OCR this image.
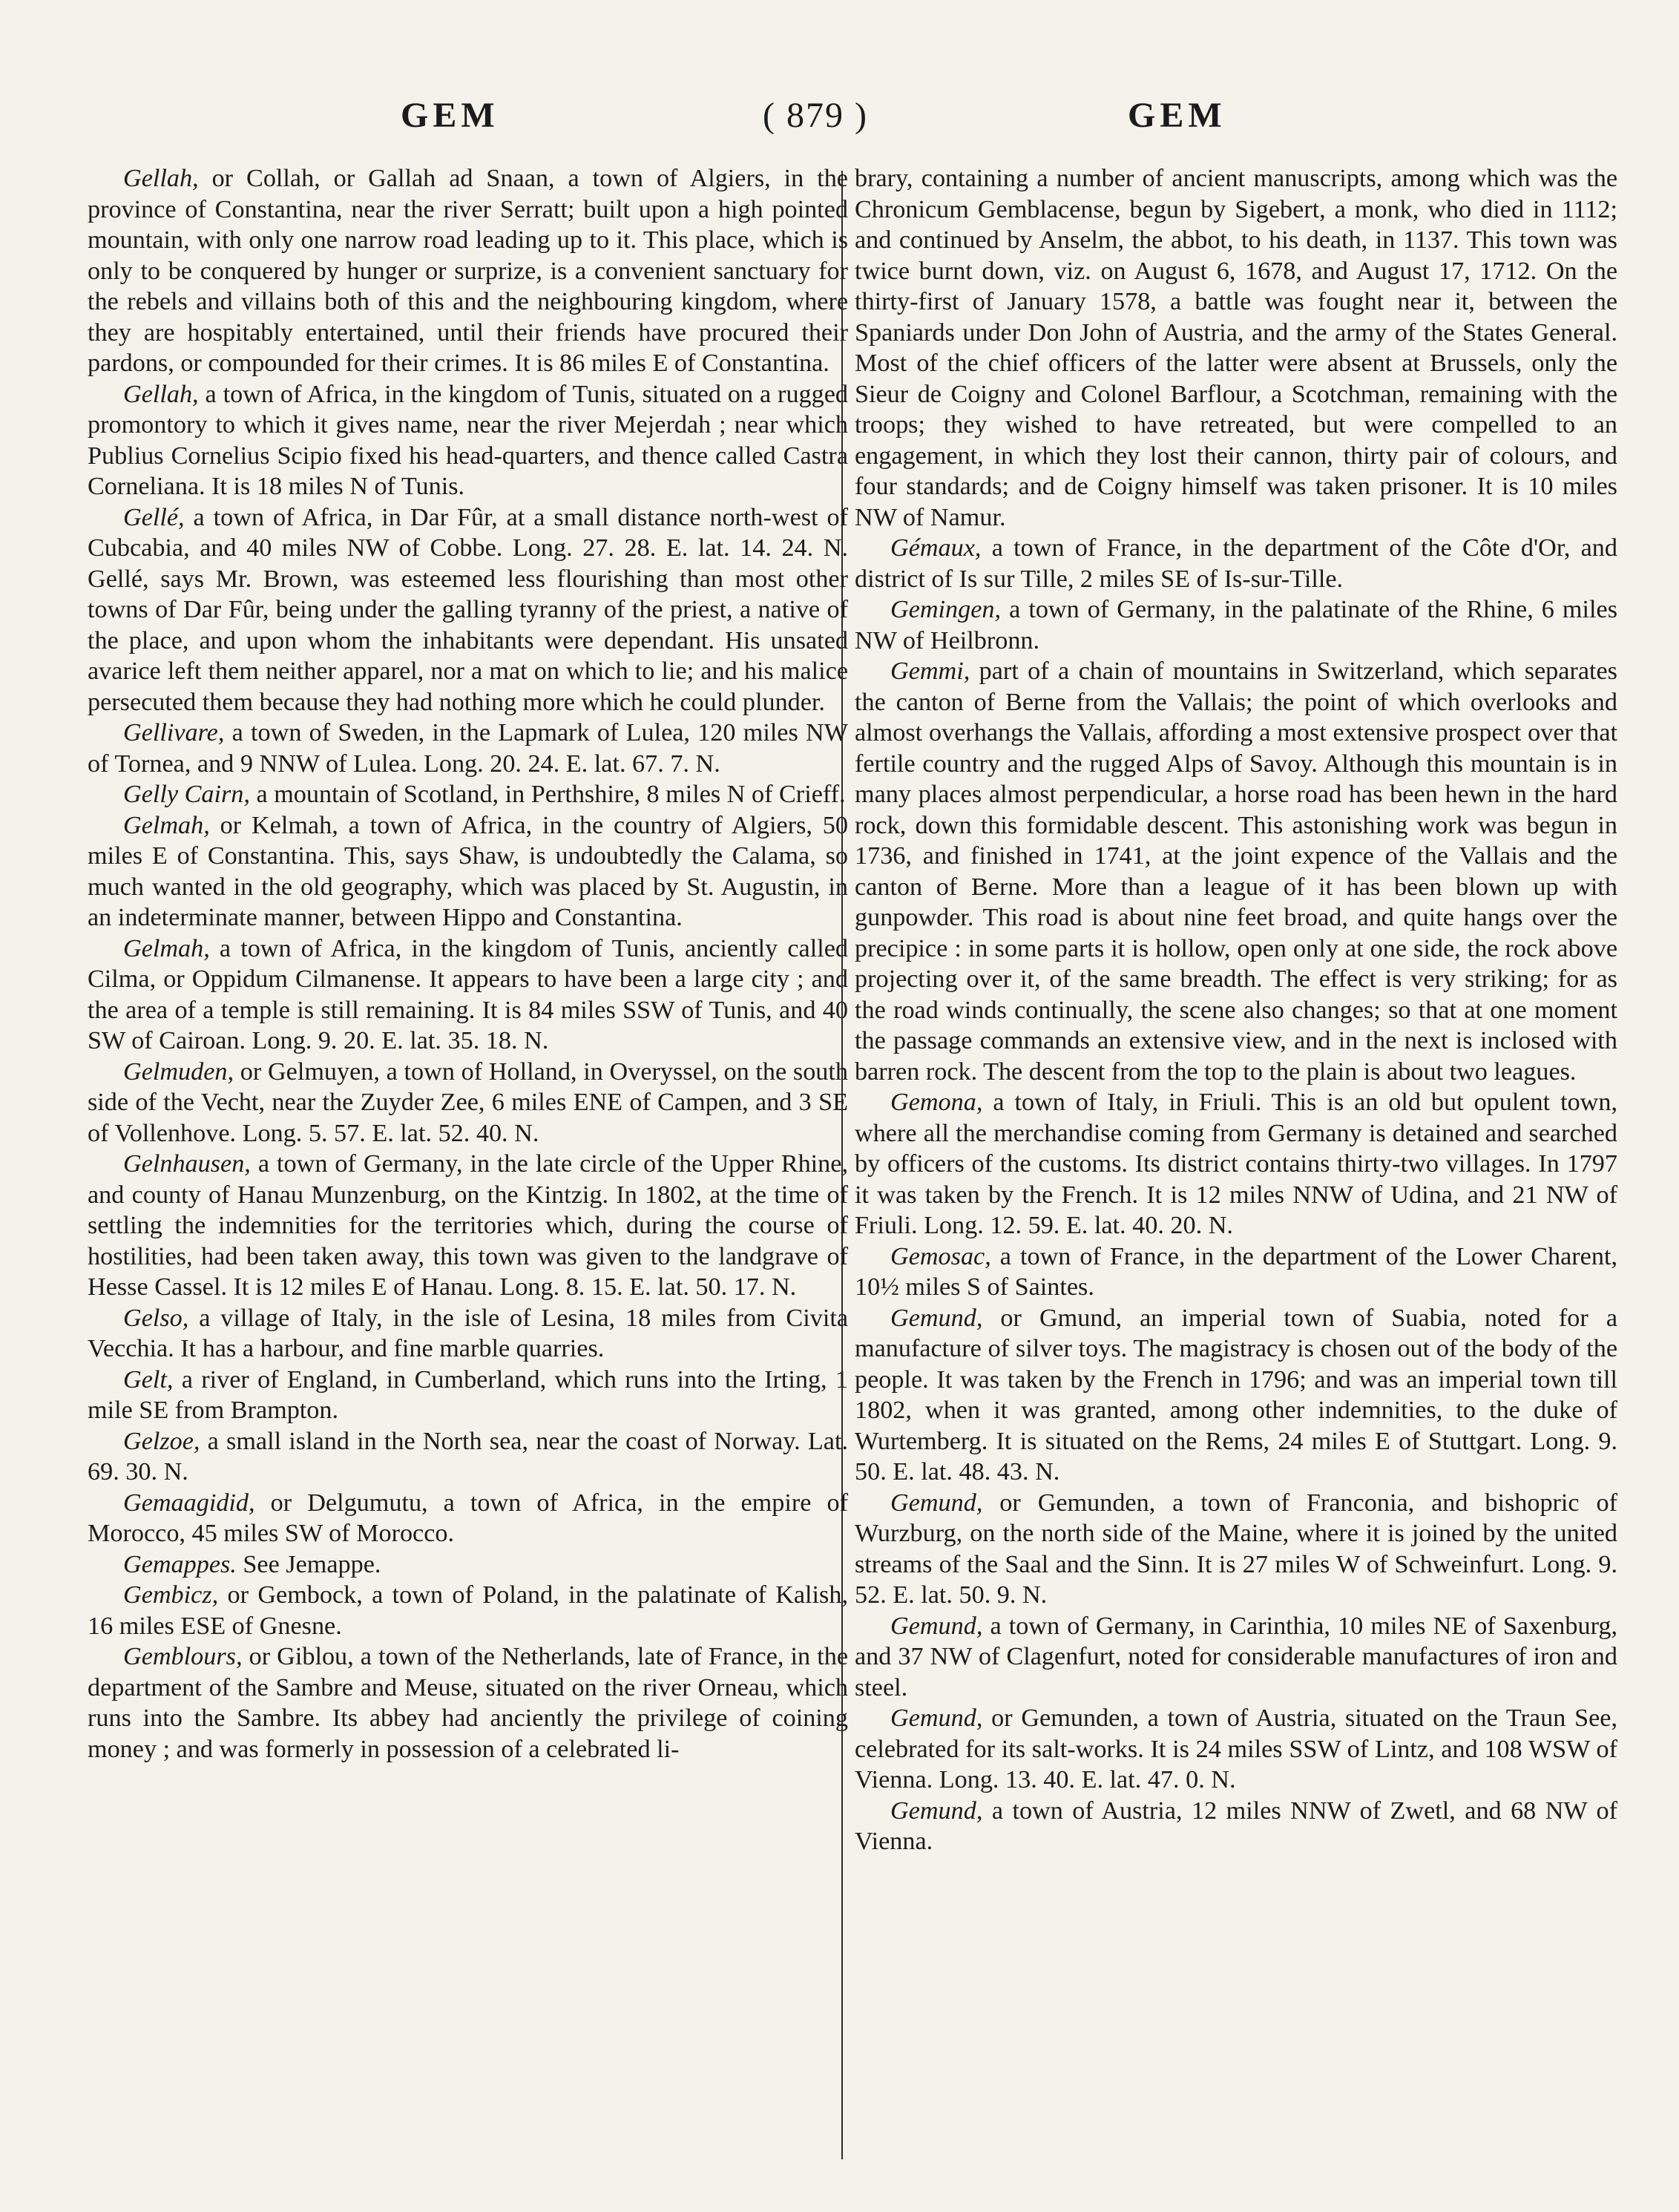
GEM	( 879 )	GEM

Gellah, or Collah, or Gallah ad Snaan, a town of Algiers, in the province of Constantina, near the river Serratt; built upon a high pointed mountain, with only one narrow road leading up to it. This place, which is only to be conquered by hunger or surprize, is a convenient sanctuary for the rebels and villains both of this and the neighbouring kingdom, where they are hospitably entertained, until their friends have procured their pardons, or compounded for their crimes. It is 86 miles E of Constantina.

Gellah, a town of Africa, in the kingdom of Tunis, situated on a rugged promontory to which it gives name, near the river Mejerdah ; near which Publius Cornelius Scipio fixed his head-quarters, and thence called Castra Corneliana. It is 18 miles N of Tunis.

Gellé, a town of Africa, in Dar Fûr, at a small distance north-west of Cubcabia, and 40 miles NW of Cobbe. Long. 27. 28. E. lat. 14. 24. N. Gellé, says Mr. Brown, was esteemed less flourishing than most other towns of Dar Fûr, being under the galling tyranny of the priest, a native of the place, and upon whom the inhabitants were dependant. His unsated avarice left them neither apparel, nor a mat on which to lie; and his malice persecuted them because they had nothing more which he could plunder.

Gellivare, a town of Sweden, in the Lapmark of Lulea, 120 miles NW of Tornea, and 9 NNW of Lulea. Long. 20. 24. E. lat. 67. 7. N.

Gelly Cairn, a mountain of Scotland, in Perthshire, 8 miles N of Crieff.

Gelmah, or Kelmah, a town of Africa, in the country of Algiers, 50 miles E of Constantina. This, says Shaw, is undoubtedly the Calama, so much wanted in the old geography, which was placed by St. Augustin, in an indeterminate manner, between Hippo and Constantina.

Gelmah, a town of Africa, in the kingdom of Tunis, anciently called Cilma, or Oppidum Cilmanense. It appears to have been a large city ; and the area of a temple is still remaining. It is 84 miles SSW of Tunis, and 40 SW of Cairoan. Long. 9. 20. E. lat. 35. 18. N.

Gelmuden, or Gelmuyen, a town of Holland, in Overyssel, on the south side of the Vecht, near the Zuyder Zee, 6 miles ENE of Campen, and 3 SE of Vollenhove. Long. 5. 57. E. lat. 52. 40. N.

Gelnhausen, a town of Germany, in the late circle of the Upper Rhine, and county of Hanau Munzenburg, on the Kintzig. In 1802, at the time of settling the indemnities for the territories which, during the course of hostilities, had been taken away, this town was given to the landgrave of Hesse Cassel. It is 12 miles E of Hanau. Long. 8. 15. E. lat. 50. 17. N.

Gelso, a village of Italy, in the isle of Lesina, 18 miles from Civita Vecchia. It has a harbour, and fine marble quarries.

Gelt, a river of England, in Cumberland, which runs into the Irting, 1 mile SE from Brampton.

Gelzoe, a small island in the North sea, near the coast of Norway. Lat. 69. 30. N.

Gemaagidid, or Delgumutu, a town of Africa, in the empire of Morocco, 45 miles SW of Morocco.

Gemappes. See Jemappe.

Gembicz, or Gembock, a town of Poland, in the palatinate of Kalish, 16 miles ESE of Gnesne.

Gemblours, or Giblou, a town of the Netherlands, late of France, in the department of the Sambre and Meuse, situated on the river Orneau, which runs into the Sambre. Its abbey had anciently the privilege of coining money ; and was formerly in possession of a celebrated li-

brary, containing a number of ancient manuscripts, among which was the Chronicum Gemblacense, begun by Sigebert, a monk, who died in 1112; and continued by Anselm, the abbot, to his death, in 1137. This town was twice burnt down, viz. on August 6, 1678, and August 17, 1712. On the thirty-first of January 1578, a battle was fought near it, between the Spaniards under Don John of Austria, and the army of the States General. Most of the chief officers of the latter were absent at Brussels, only the Sieur de Coigny and Colonel Barflour, a Scotchman, remaining with the troops; they wished to have retreated, but were compelled to an engagement, in which they lost their cannon, thirty pair of colours, and four standards; and de Coigny himself was taken prisoner. It is 10 miles NW of Namur.

Gémaux, a town of France, in the department of the Côte d'Or, and district of Is sur Tille, 2 miles SE of Is-sur-Tille.

Gemingen, a town of Germany, in the palatinate of the Rhine, 6 miles NW of Heilbronn.

Gemmi, part of a chain of mountains in Switzerland, which separates the canton of Berne from the Vallais; the point of which overlooks and almost overhangs the Vallais, affording a most extensive prospect over that fertile country and the rugged Alps of Savoy. Although this mountain is in many places almost perpendicular, a horse road has been hewn in the hard rock, down this formidable descent. This astonishing work was begun in 1736, and finished in 1741, at the joint expence of the Vallais and the canton of Berne. More than a league of it has been blown up with gunpowder. This road is about nine feet broad, and quite hangs over the precipice : in some parts it is hollow, open only at one side, the rock above projecting over it, of the same breadth. The effect is very striking; for as the road winds continually, the scene also changes; so that at one moment the passage commands an extensive view, and in the next is inclosed with barren rock. The descent from the top to the plain is about two leagues.

Gemona, a town of Italy, in Friuli. This is an old but opulent town, where all the merchandise coming from Germany is detained and searched by officers of the customs. Its district contains thirty-two villages. In 1797 it was taken by the French. It is 12 miles NNW of Udina, and 21 NW of Friuli. Long. 12. 59. E. lat. 40. 20. N.

Gemosac, a town of France, in the department of the Lower Charent, 10½ miles S of Saintes.

Gemund, or Gmund, an imperial town of Suabia, noted for a manufacture of silver toys. The magistracy is chosen out of the body of the people. It was taken by the French in 1796; and was an imperial town till 1802, when it was granted, among other indemnities, to the duke of Wurtemberg. It is situated on the Rems, 24 miles E of Stuttgart. Long. 9. 50. E. lat. 48. 43. N.

Gemund, or Gemunden, a town of Franconia, and bishopric of Wurzburg, on the north side of the Maine, where it is joined by the united streams of the Saal and the Sinn. It is 27 miles W of Schweinfurt. Long. 9. 52. E. lat. 50. 9. N.

Gemund, a town of Germany, in Carinthia, 10 miles NE of Saxenburg, and 37 NW of Clagenfurt, noted for considerable manufactures of iron and steel.

Gemund, or Gemunden, a town of Austria, situated on the Traun See, celebrated for its salt-works. It is 24 miles SSW of Lintz, and 108 WSW of Vienna. Long. 13. 40. E. lat. 47. 0. N.

Gemund, a town of Austria, 12 miles NNW of Zwetl, and 68 NW of Vienna.
